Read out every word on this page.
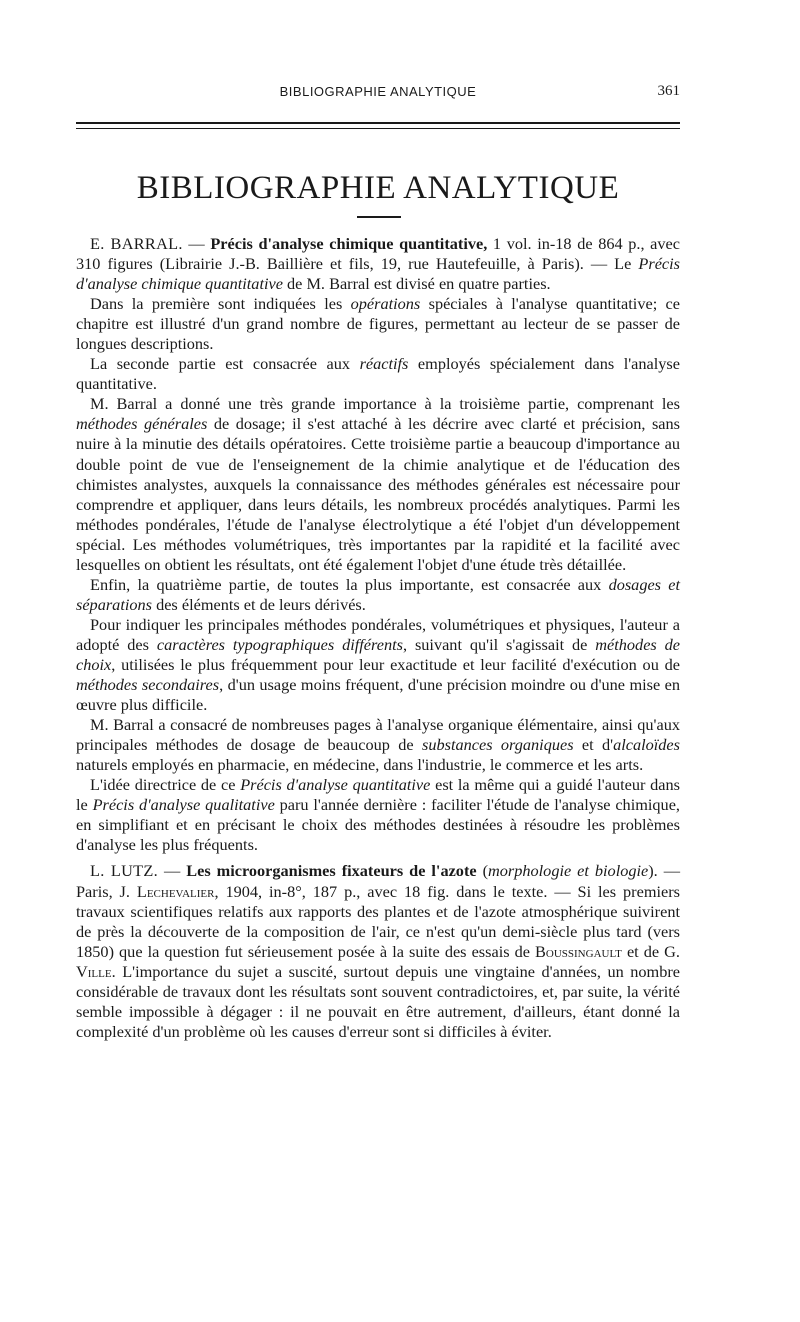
BIBLIOGRAPHIE ANALYTIQUE	361
BIBLIOGRAPHIE ANALYTIQUE

E. BARRAL. — Précis d'analyse chimique quantitative, 1 vol. in-18 de 864 p., avec 310 figures (Librairie J.-B. Baillière et fils, 19, rue Hautefeuille, à Paris). — Le Précis d'analyse chimique quantitative de M. Barral est divisé en quatre parties.

Dans la première sont indiquées les opérations spéciales à l'analyse quantitative; ce chapitre est illustré d'un grand nombre de figures, permettant au lecteur de se passer de longues descriptions.

La seconde partie est consacrée aux réactifs employés spécialement dans l'analyse quantitative.

M. Barral a donné une très grande importance à la troisième partie, comprenant les méthodes générales de dosage; il s'est attaché à les décrire avec clarté et précision, sans nuire à la minutie des détails opératoires. Cette troisième partie a beaucoup d'importance au double point de vue de l'enseignement de la chimie analytique et de l'éducation des chimistes analystes, auxquels la connaissance des méthodes générales est nécessaire pour comprendre et appliquer, dans leurs détails, les nombreux procédés analytiques. Parmi les méthodes pondérales, l'étude de l'analyse électrolytique a été l'objet d'un développement spécial. Les méthodes volumétriques, très importantes par la rapidité et la facilité avec lesquelles on obtient les résultats, ont été également l'objet d'une étude très détaillée.

Enfin, la quatrième partie, de toutes la plus importante, est consacrée aux dosages et séparations des éléments et de leurs dérivés.

Pour indiquer les principales méthodes pondérales, volumétriques et physiques, l'auteur a adopté des caractères typographiques différents, suivant qu'il s'agissait de méthodes de choix, utilisées le plus fréquemment pour leur exactitude et leur facilité d'exécution ou de méthodes secondaires, d'un usage moins fréquent, d'une précision moindre ou d'une mise en œuvre plus difficile.

M. Barral a consacré de nombreuses pages à l'analyse organique élémentaire, ainsi qu'aux principales méthodes de dosage de beaucoup de substances organiques et d'alcaloïdes naturels employés en pharmacie, en médecine, dans l'industrie, le commerce et les arts.

L'idée directrice de ce Précis d'analyse quantitative est la même qui a guidé l'auteur dans le Précis d'analyse qualitative paru l'année dernière : faciliter l'étude de l'analyse chimique, en simplifiant et en précisant le choix des méthodes destinées à résoudre les problèmes d'analyse les plus fréquents.

L. LUTZ. — Les microorganismes fixateurs de l'azote (morphologie et biologie). — Paris, J. Lechevalier, 1904, in-8°, 187 p., avec 18 fig. dans le texte. — Si les premiers travaux scientifiques relatifs aux rapports des plantes et de l'azote atmosphérique suivirent de près la découverte de la composition de l'air, ce n'est qu'un demi-siècle plus tard (vers 1850) que la question fut sérieusement posée à la suite des essais de Boussingault et de G. Ville. L'importance du sujet a suscité, surtout depuis une vingtaine d'années, un nombre considérable de travaux dont les résultats sont souvent contradictoires, et, par suite, la vérité semble impossible à dégager : il ne pouvait en être autrement, d'ailleurs, étant donné la complexité d'un problème où les causes d'erreur sont si difficiles à éviter.
